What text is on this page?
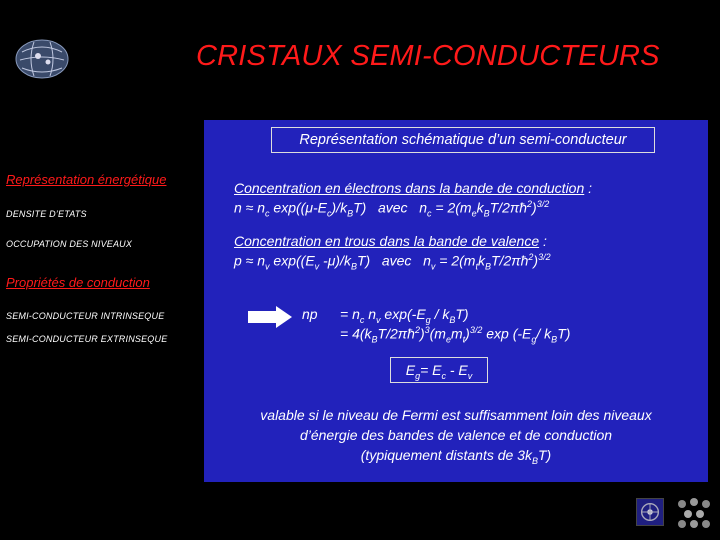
CRISTAUX SEMI-CONDUCTEURS
Représentation schématique d’un semi-conducteur
Représentation énergétique
DENSITE D’ETATS
OCCUPATION DES NIVEAUX
Propriétés de conduction
SEMI-CONDUCTEUR INTRINSEQUE
SEMI-CONDUCTEUR EXTRINSEQUE
Concentration en électrons dans la bande de conduction :
$n \approx n_c$ $\exp((\mu-E_c)/k_BT)$   avec   $n_c$ = $2(m_ek_BT/2\pi ħ^2)^{3/2}$
Concentration en trous dans la bande de valence :
$p \approx n_v$ $\exp((E_v$ $-\mu)/k_BT$)   avec   $n_v$ = $2(m_tk_BT/2\pi ħ^2)^{3/2}$
np = $n_c$ $n_v$ $\exp(-E_g / k_BT)$
= $4(k_BT/2\pi ħ^2)^3(m_em_t)^{3/2}$ $\exp (-E_g/$ $k_BT$)
$E_g= E_c - E_v$
valable si le niveau de Fermi est suffisamment loin des niveaux
d’énergie des bandes de valence et de conduction
(typiquement distants de $3k_BT$)
